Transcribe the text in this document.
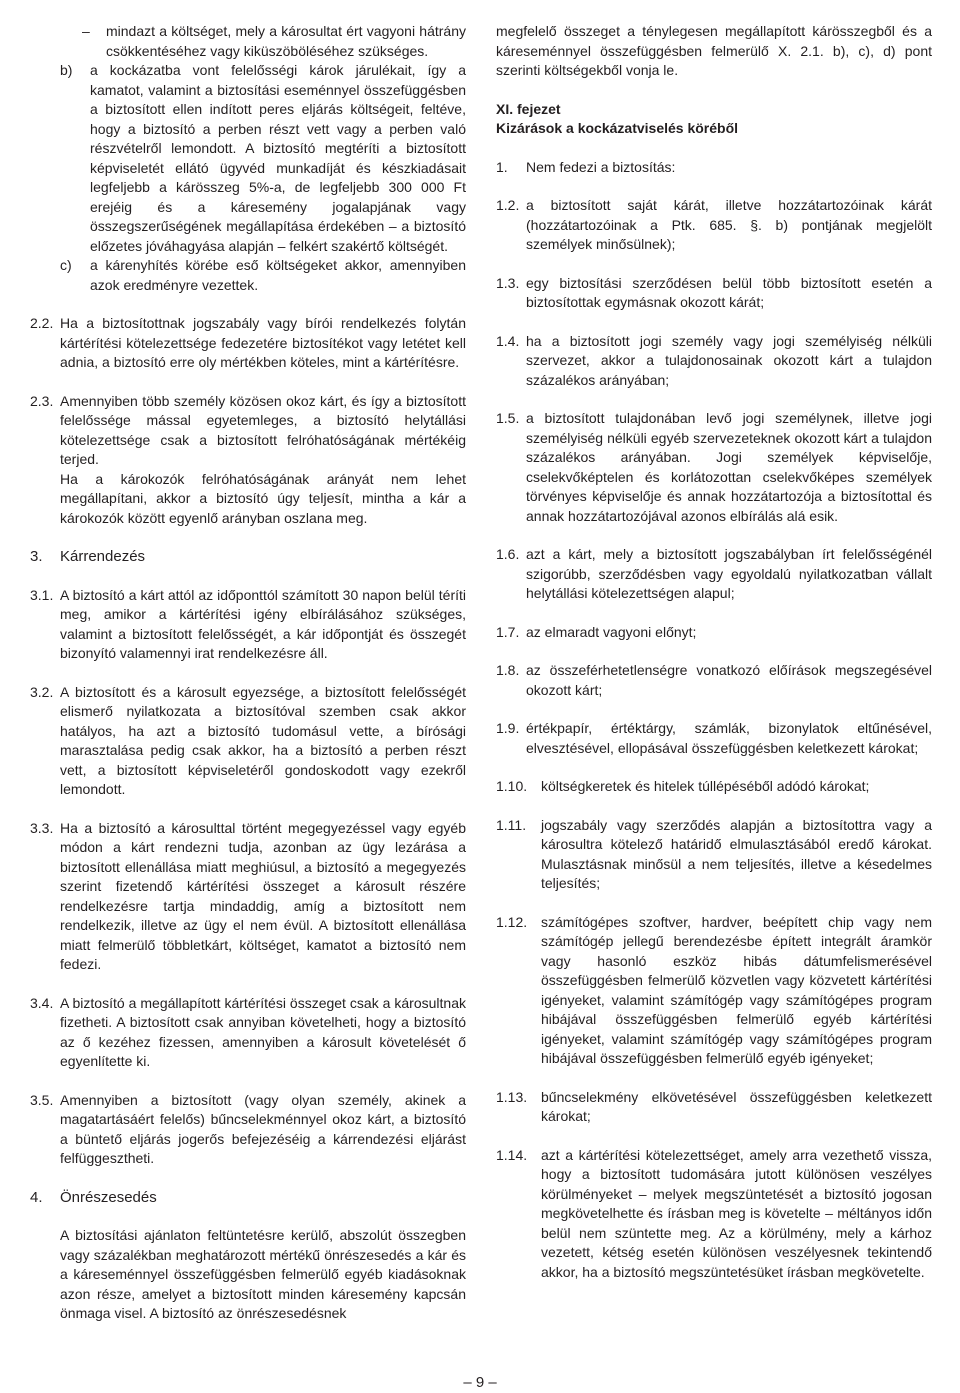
–	mindazt a költséget, mely a károsultat ért vagyoni hátrány csökkentéséhez vagy kiküszöböléséhez szükséges.
b)	a kockázatba vont felelősségi károk járulékait, így a kamatot, valamint a biztosítási eseménnyel összefüggésben a biztosított ellen indított peres eljárás költségeit, feltéve, hogy a biztosító a perben részt vett vagy a perben való részvételről lemondott. A biztosító megtéríti a biztosított képviseletét ellátó ügyvéd munkadíját és készkiadásait legfeljebb a kárösszeg 5%-a, de legfeljebb 300 000 Ft erejéig és a káresemény jogalapjának vagy összegszerűségének megállapítása érdekében – a biztosító előzetes jóváhagyása alapján – felkért szakértő költségét.
c)	a kárenyhítés körébe eső költségeket akkor, amennyiben azok eredményre vezettek.
2.2. Ha a biztosítottnak jogszabály vagy bírói rendelkezés folytán kártérítési kötelezettsége fedezetére biztosítékot vagy letétet kell adnia, a biztosító erre oly mértékben köteles, mint a kártérítésre.
2.3. Amennyiben több személy közösen okoz kárt, és így a biztosított felelőssége mással egyetemleges, a biztosító helytállási kötelezettsége csak a biztosított felróhatóságának mértékéig terjed.
Ha a károkozók felróhatóságának arányát nem lehet megállapítani, akkor a biztosító úgy teljesít, mintha a kár a károkozók között egyenlő arányban oszlana meg.
3.	Kárrendezés
3.1. A biztosító a kárt attól az időponttól számított 30 napon belül téríti meg, amikor a kártérítési igény elbírálásához szükséges, valamint a biztosított felelősségét, a kár időpontját és összegét bizonyító valamennyi irat rendelkezésre áll.
3.2. A biztosított és a károsult egyezsége, a biztosított felelősségét elismerő nyilatkozata a biztosítóval szemben csak akkor hatályos, ha azt a biztosító tudomásul vette, a bírósági marasztalása pedig csak akkor, ha a biztosító a perben részt vett, a biztosított képviseletéről gondoskodott vagy ezekről lemondott.
3.3. Ha a biztosító a károsulttal történt megegyezéssel vagy egyéb módon a kárt rendezni tudja, azonban az ügy lezárása a biztosított ellenállása miatt meghiúsul, a biztosító a megegyezés szerint fizetendő kártérítési összeget a károsult részére rendelkezésre tartja mindaddig, amíg a biztosított nem rendelkezik, illetve az ügy el nem évül. A biztosított ellenállása miatt felmerülő többletkárt, költséget, kamatot a biztosító nem fedezi.
3.4. A biztosító a megállapított kártérítési összeget csak a károsultnak fizetheti. A biztosított csak annyiban követelheti, hogy a biztosító az ő kezéhez fizessen, amennyiben a károsult követelését ő egyenlítette ki.
3.5. Amennyiben a biztosított (vagy olyan személy, akinek a magatartásáért felelős) bűncselekménnyel okoz kárt, a biztosító a büntető eljárás jogerős befejezéséig a kárrendezési eljárást felfüggesztheti.
4.	Önrészesedés

A biztosítási ajánlaton feltüntetésre kerülő, abszolút összegben vagy százalékban meghatározott mértékű önrészesedés a kár és a káreseménnyel összefüggésben felmerülő egyéb kiadásoknak azon része, amelyet a biztosított minden káresemény kapcsán önmaga visel. A biztosító az önrészesedésnek

megfelelő összeget a ténylegesen megállapított kárösszegből és a káreseménnyel összefüggésben felmerülő X. 2.1. b), c), d) pont szerinti költségekből vonja le.

XI. fejezet
Kizárások a kockázatviselés köréből
1.	Nem fedezi a biztosítás:
1.2. a biztosított saját kárát, illetve hozzátartozóinak kárát (hozzátartozóinak a Ptk. 685. §. b) pontjának megjelölt személyek minősülnek);
1.3. egy biztosítási szerződésen belül több biztosított esetén a biztosítottak egymásnak okozott kárát;
1.4. ha a biztosított jogi személy vagy jogi személyiség nélküli szervezet, akkor a tulajdonosainak okozott kárt a tulajdon százalékos arányában;
1.5. a biztosított tulajdonában levő jogi személynek, illetve jogi személyiség nélküli egyéb szervezeteknek okozott kárt a tulajdon százalékos arányában. Jogi személyek képviselője, cselekvőképtelen és korlátozottan cselekvőképes személyek törvényes képviselője és annak hozzátartozója a biztosítottal és annak hozzátartozójával azonos elbírálás alá esik.
1.6. azt a kárt, mely a biztosított jogszabályban írt felelősségénél szigorúbb, szerződésben vagy egyoldalú nyilatkozatban vállalt helytállási kötelezettségen alapul;
1.7. az elmaradt vagyoni előnyt;
1.8. az összeférhetetlenségre vonatkozó előírások megszegésével okozott kárt;
1.9. értékpapír, értéktárgy, számlák, bizonylatok eltűnésével, elvesztésével, ellopásával összefüggésben keletkezett károkat;
1.10. költségkeretek és hitelek túllépéséből adódó károkat;
1.11.	jogszabály vagy szerződés alapján a biztosítottra vagy a károsultra kötelező határidő elmulasztásából eredő károkat. Mulasztásnak minősül a nem teljesítés, illetve a késedelmes teljesítés;
1.12. számítógépes szoftver, hardver, beépített chip vagy nem számítógép jellegű berendezésbe épített integrált áramkör vagy hasonló eszköz hibás dátumfelismerésével összefüggésben felmerülő közvetlen vagy közvetett kártérítési igényeket, valamint számítógép vagy számítógépes program hibájával összefüggésben felmerülő egyéb kártérítési igényeket, valamint számítógép vagy számítógépes program hibájával összefüggésben felmerülő egyéb igényeket;
1.13. bűncselekmény elkövetésével összefüggésben keletkezett károkat;
1.14. azt a kártérítési kötelezettséget, amely arra vezethető vissza, hogy a biztosított tudomására jutott különösen veszélyes körülményeket – melyek megszüntetését a biztosító jogosan megkövetelhette és írásban meg is követelte – méltányos időn belül nem szüntette meg. Az a körülmény, mely a kárhoz vezetett, kétség esetén különösen veszélyesnek tekintendő akkor, ha a biztosító megszüntetésüket írásban megkövetelte.
– 9 –
